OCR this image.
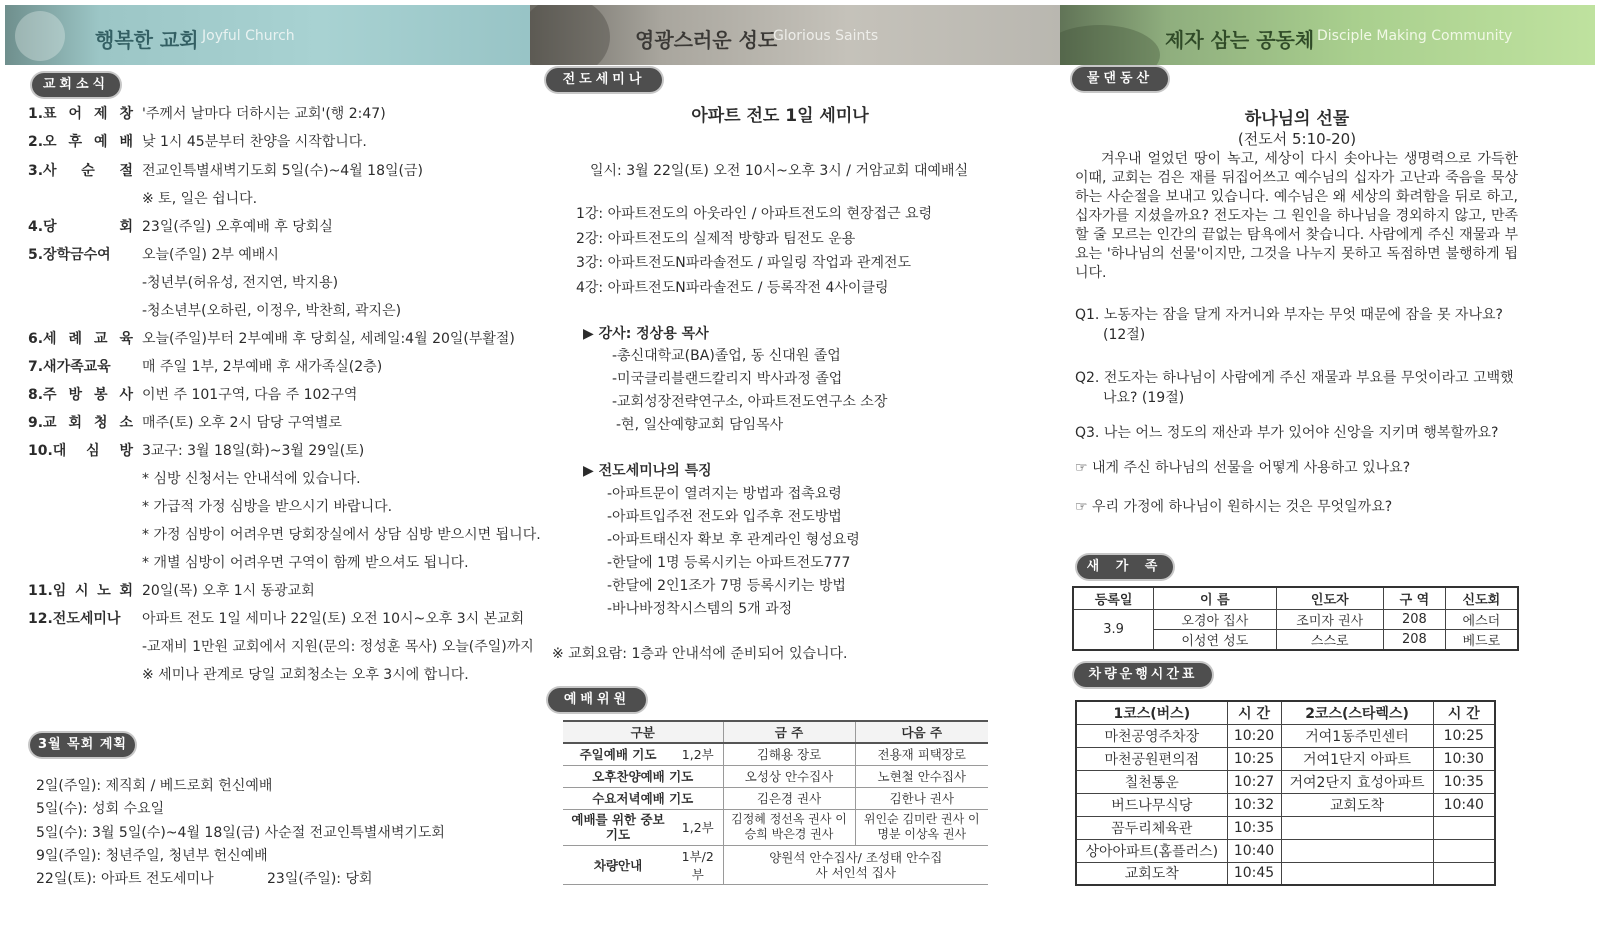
행복한 교회 Joyful Church	영광스러운 성도
Glorious Saints	제자 삼는 공동체 Disciple Making Community
교회소식
1.표 어 제 창 '주께서 날마다 더하시는 교회'(행 2:47)
2.오 후 예 배 낮 1시 45분부터 찬양을 시작합니다.
3.사 순 절 전교인특별새벽기도회 5일(수)~4월 18일(금)
※ 토, 일은 쉽니다.
4.당 회 23일(주일) 오후예배 후 당회실
5.장학금수여	오늘(주일) 2부 예배시
-청년부(허유성, 전지연, 박지용)
-청소년부(오하린, 이정우, 박찬희, 곽지은)
6.세 례 교 육 오늘(주일)부터 2부예배 후 당회실, 세례일:4월 20일(부활절)
7.새가족교육	매 주일 1부, 2부예배 후 새가족실(2층)
8.주 방 봉 사 이번 주 101구역, 다음 주 102구역
9.교 회 청 소 매주(토) 오후 2시 담당 구역별로
10.대 심 방 3교구: 3월 18일(화)~3월 29일(토)
* 심방 신청서는 안내석에 있습니다.
* 가급적 가정 심방을 받으시기 바랍니다.
* 가정 심방이 어려우면 당회장실에서 상담 심방 받으시면 됩니다.
* 개별 심방이 어려우면 구역이 함께 받으셔도 됩니다.
11.임 시 노 회 20일(목) 오후 1시 동광교회
12.전도세미나	아파트 전도 1일 세미나 22일(토) 오전 10시~오후 3시 본교회
-교재비 1만원 교회에서 지원(문의: 정성훈 목사) 오늘(주일)까지
※ 세미나 관계로 당일 교회청소는 오후 3시에 합니다.
3월 목회 계획
2일(주일): 제직회 / 베드로회 헌신예배
5일(수): 성회 수요일
5일(수): 3월 5일(수)~4월 18일(금) 사순절 전교인특별새벽기도회
9일(주일): 청년주일, 청년부 헌신예배
22일(토): 아파트 전도세미나	23일(주일): 당회
전도세미나
아파트 전도 1일 세미나
일시: 3월 22일(토) 오전 10시~오후 3시 / 거암교회 대예배실
1강: 아파트전도의 아웃라인 / 아파트전도의 현장접근 요령
2강: 아파트전도의 실제적 방향과 팀전도 운용
3강: 아파트전도N파라솔전도 / 파일링 작업과 관계전도
4강: 아파트전도N파라솔전도 / 등록작전 4사이클링
▶ 강사: 정상용 목사
-총신대학교(BA)졸업, 동 신대원 졸업
-미국클리블랜드칼리지 박사과정 졸업
-교회성장전략연구소, 아파트전도연구소 소장
-현, 일산예향교회 담임목사
▶ 전도세미나의 특징
-아파트문이 열려지는 방법과 접촉요령
-아파트입주전 전도와 입주후 전도방법
-아파트태신자 확보 후 관계라인 형성요령
-한달에 1명 등록시키는 아파트전도777
-한달에 2인1조가 7명 등록시키는 방법
-바나바정착시스템의 5개 과정
※ 교회요람: 1층과 안내석에 준비되어 있습니다.
예배위원
구분		금 주	다음 주
주일예배 기도	1,2부	김해용 장로	전용재 피택장로
오후찬양예배 기도		오성상 안수집사	노현철 안수집사
수요저녁예배 기도		김은경 권사	김한나 권사
예배를 위한 중보기도	1,2부	김정혜 정선옥 권사 이승희 박은경 권사	위인순 김미란 권사 이명분 이상옥 권사
차량안내	1부/2부	양원석 안수집사/ 조성태 안수집사 서인석 집사	
물댄동산
하나님의 선물
(전도서 5:10-20)
겨우내 얼었던 땅이 녹고, 세상이 다시 솟아나는 생명력으로 가득한 이때, 교회는 검은 재를 뒤집어쓰고 예수님의 십자가 고난과 죽음을 묵상하는 사순절을 보내고 있습니다. 예수님은 왜 세상의 화려함을 뒤로 하고, 십자가를 지셨을까요? 전도자는 그 원인을 하나님을 경외하지 않고, 만족할 줄 모르는 인간의 끝없는 탐욕에서 찾습니다. 사람에게 주신 재물과 부요는 '하나님의 선물'이지만, 그것을 나누지 못하고 독점하면 불행하게 됩니다.
Q1. 노동자는 잠을 달게 자거니와 부자는 무엇 때문에 잠을 못 자나요? (12절)
Q2. 전도자는 하나님이 사람에게 주신 재물과 부요를 무엇이라고 고백했나요? (19절)
Q3. 나는 어느 정도의 재산과 부가 있어야 신앙을 지키며 행복할까요?
☞ 내게 주신 하나님의 선물을 어떻게 사용하고 있나요?
☞ 우리 가정에 하나님이 원하시는 것은 무엇일까요?
새 가 족
등록일	이 름	인도자	구 역	신도회
3.9	오경아 집사	조미자 권사	208	에스더
	이성연 성도	스스로	208	베드로
차량운행시간표
1코스(버스)	시 간	2코스(스타렉스)	시 간
마천공영주차장	10:20	거여1동주민센터	10:25
마천공원편의점	10:25	거여1단지 아파트	10:30
칠천통운	10:27	거여2단지 효성아파트	10:35
버드나무식당	10:32	교회도착	10:40
꼼두리체육관	10:35		
상아아파트(홈플러스)	10:40		
교회도착	10:45		
